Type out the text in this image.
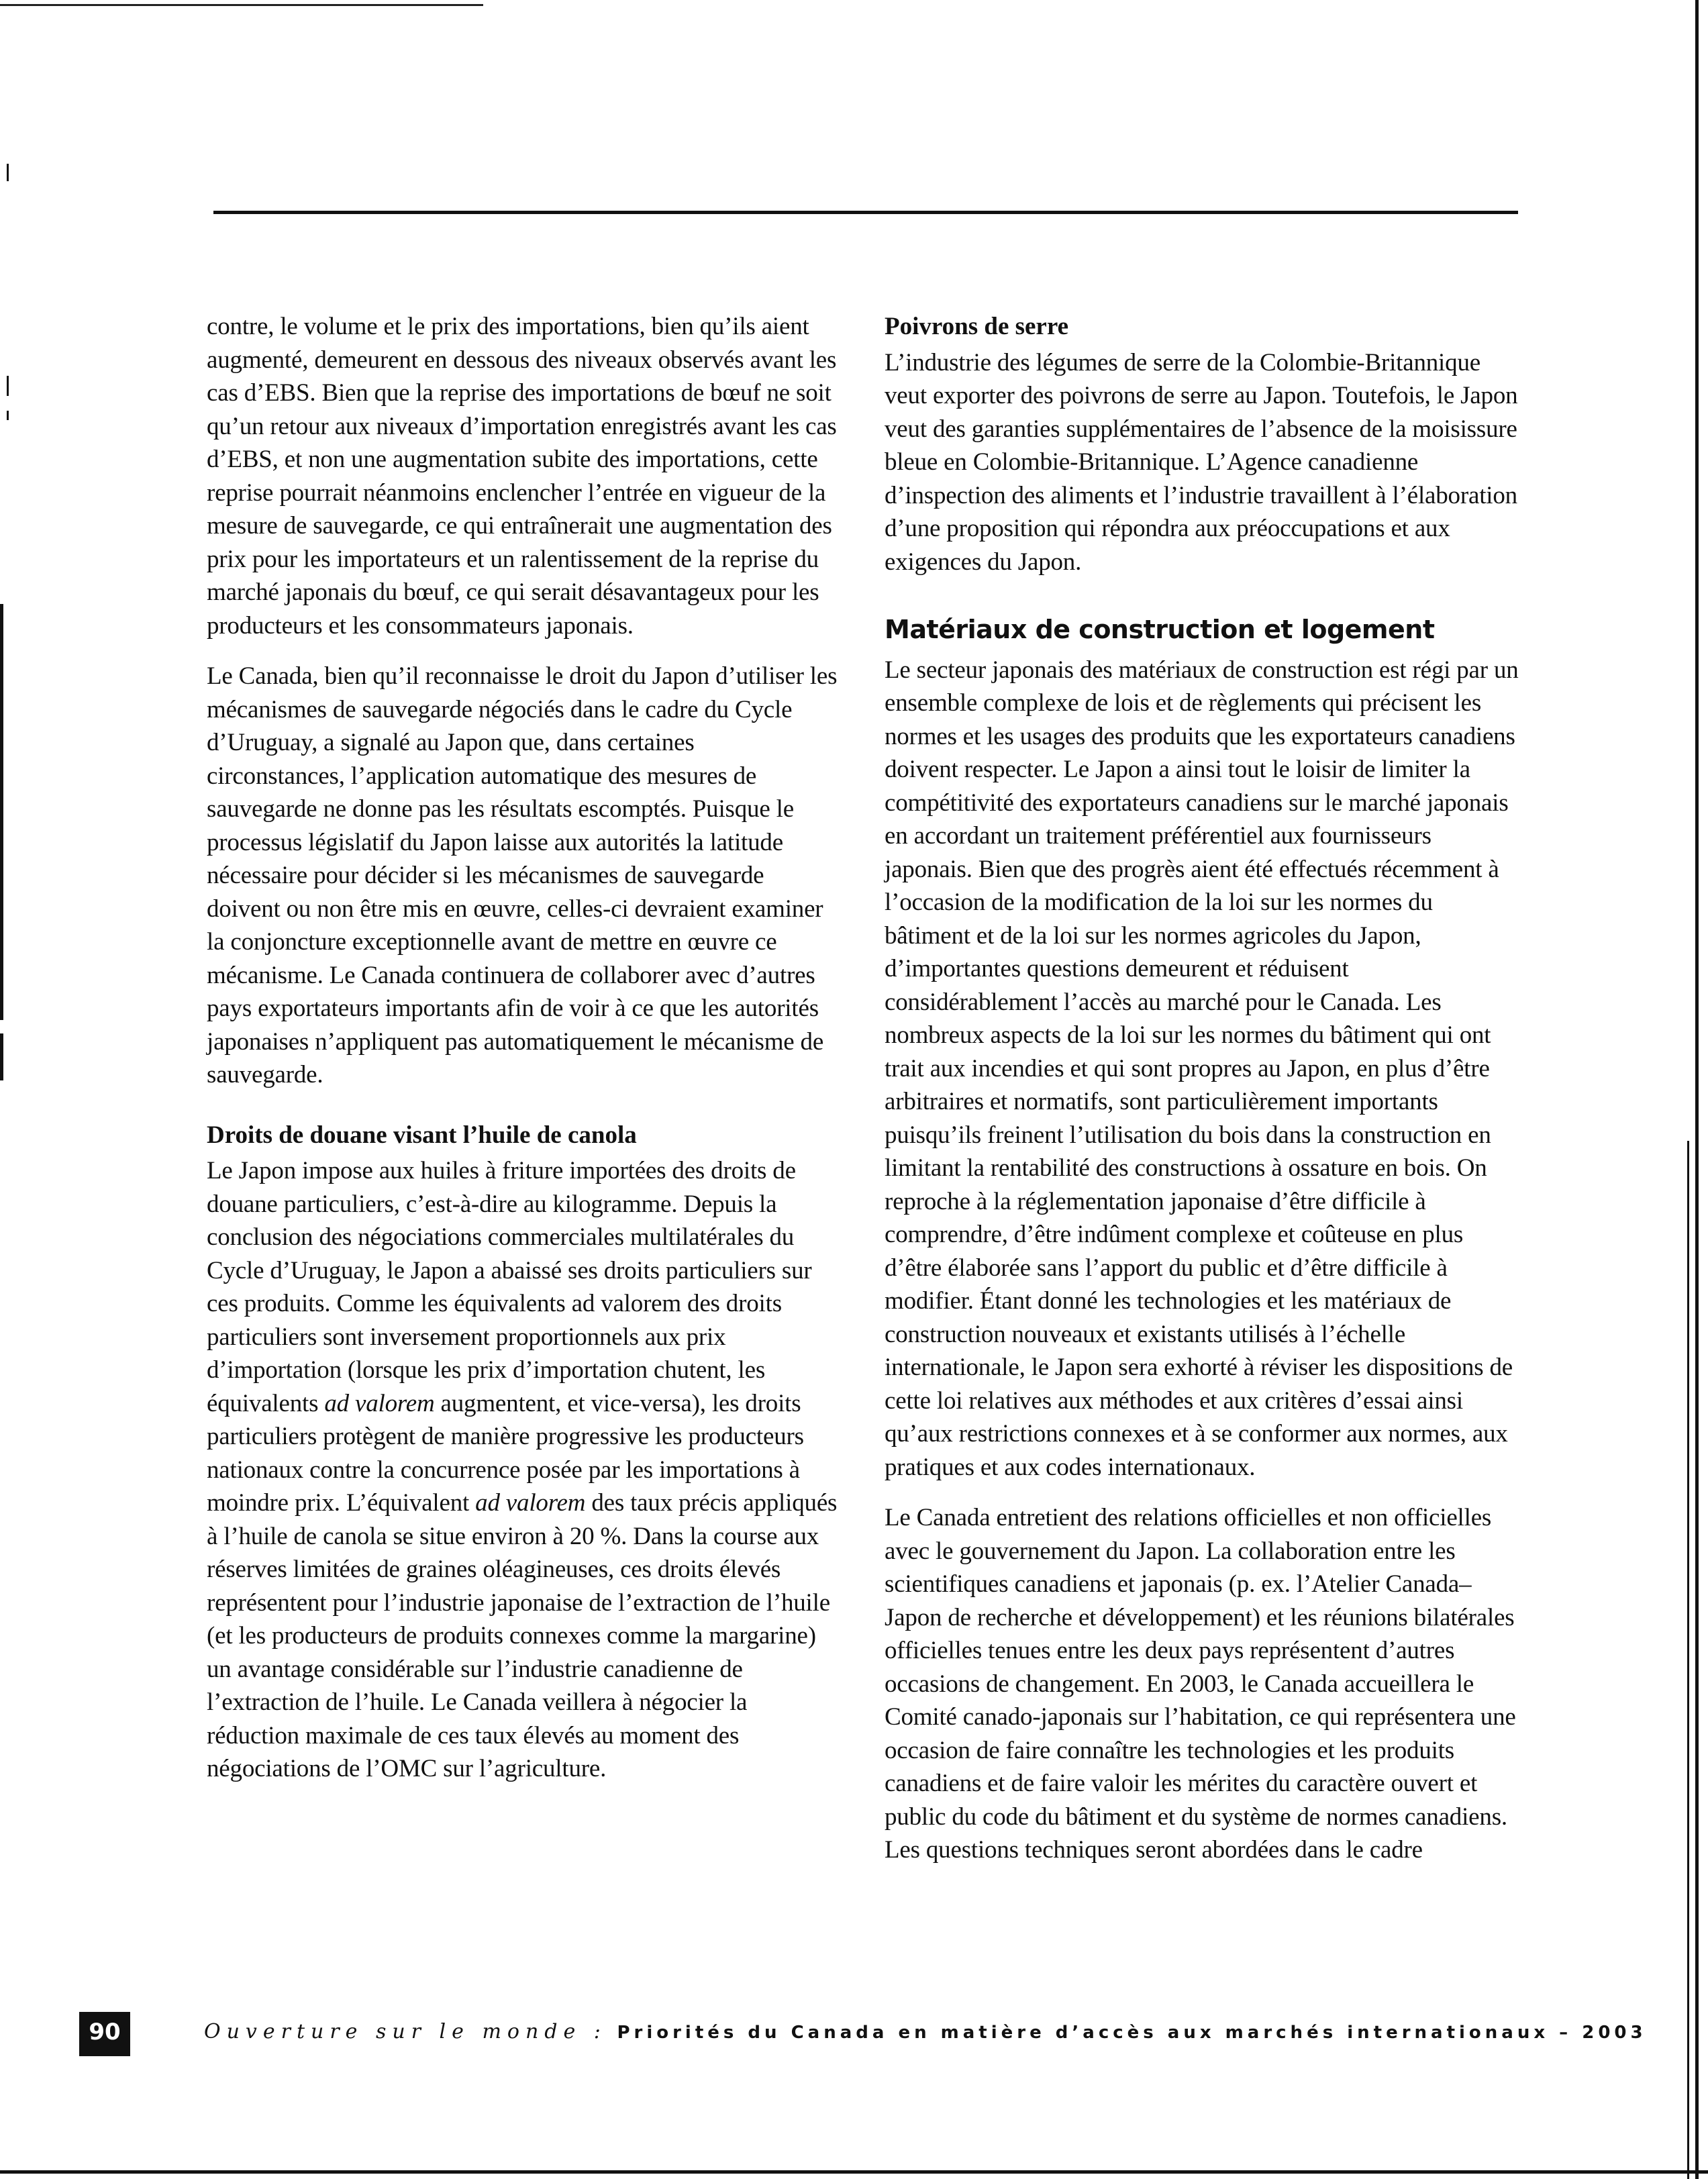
contre, le volume et le prix des importations, bien qu’ils aient augmenté, demeurent en dessous des niveaux observés avant les cas d’EBS. Bien que la reprise des importations de bœuf ne soit qu’un retour aux niveaux d’importation enregistrés avant les cas d’EBS, et non une augmentation subite des importations, cette reprise pourrait néanmoins enclencher l’entrée en vigueur de la mesure de sauvegarde, ce qui entraînerait une augmentation des prix pour les importateurs et un ralentissement de la reprise du marché japonais du bœuf, ce qui serait désavantageux pour les producteurs et les consommateurs japonais.

Le Canada, bien qu’il reconnaisse le droit du Japon d’utiliser les mécanismes de sauvegarde négociés dans le cadre du Cycle d’Uruguay, a signalé au Japon que, dans certaines circonstances, l’application automatique des mesures de sauvegarde ne donne pas les résultats escomptés. Puisque le processus législatif du Japon laisse aux autorités la latitude nécessaire pour décider si les mécanismes de sauvegarde doivent ou non être mis en œuvre, celles-ci devraient examiner la conjoncture exceptionnelle avant de mettre en œuvre ce mécanisme. Le Canada continuera de collaborer avec d’autres pays exportateurs importants afin de voir à ce que les autorités japonaises n’appliquent pas automatiquement le mécanisme de sauvegarde.

Droits de douane visant l’huile de canola

Le Japon impose aux huiles à friture importées des droits de douane particuliers, c’est-à-dire au kilogramme. Depuis la conclusion des négociations commerciales multilatérales du Cycle d’Uruguay, le Japon a abaissé ses droits particuliers sur ces produits. Comme les équivalents ad valorem des droits particuliers sont inversement proportionnels aux prix d’importation (lorsque les prix d’importation chutent, les équivalents ad valorem augmentent, et vice-versa), les droits particuliers protègent de manière progressive les producteurs nationaux contre la concurrence posée par les importations à moindre prix. L’équivalent ad valorem des taux précis appliqués à l’huile de canola se situe environ à 20 %. Dans la course aux réserves limitées de graines oléagineuses, ces droits élevés représentent pour l’industrie japonaise de l’extraction de l’huile (et les producteurs de produits connexes comme la margarine) un avantage considérable sur l’industrie canadienne de l’extraction de l’huile. Le Canada veillera à négocier la réduction maximale de ces taux élevés au moment des négociations de l’OMC sur l’agriculture.

Poivrons de serre

L’industrie des légumes de serre de la Colombie-Britannique veut exporter des poivrons de serre au Japon. Toutefois, le Japon veut des garanties supplémentaires de l’absence de la moisissure bleue en Colombie-Britannique. L’Agence canadienne d’inspection des aliments et l’industrie travaillent à l’élaboration d’une proposition qui répondra aux préoccupations et aux exigences du Japon.

Matériaux de construction et logement

Le secteur japonais des matériaux de construction est régi par un ensemble complexe de lois et de règlements qui précisent les normes et les usages des produits que les exportateurs canadiens doivent respecter. Le Japon a ainsi tout le loisir de limiter la compétitivité des exportateurs canadiens sur le marché japonais en accordant un traitement préférentiel aux fournisseurs japonais. Bien que des progrès aient été effectués récemment à l’occasion de la modification de la loi sur les normes du bâtiment et de la loi sur les normes agricoles du Japon, d’importantes questions demeurent et réduisent considérablement l’accès au marché pour le Canada. Les nombreux aspects de la loi sur les normes du bâtiment qui ont trait aux incendies et qui sont propres au Japon, en plus d’être arbitraires et normatifs, sont particulièrement importants puisqu’ils freinent l’utilisation du bois dans la construction en limitant la rentabilité des constructions à ossature en bois. On reproche à la réglementation japonaise d’être difficile à comprendre, d’être indûment complexe et coûteuse en plus d’être élaborée sans l’apport du public et d’être difficile à modifier. Étant donné les technologies et les matériaux de construction nouveaux et existants utilisés à l’échelle internationale, le Japon sera exhorté à réviser les dispositions de cette loi relatives aux méthodes et aux critères d’essai ainsi qu’aux restrictions connexes et à se conformer aux normes, aux pratiques et aux codes internationaux.

Le Canada entretient des relations officielles et non officielles avec le gouvernement du Japon. La collaboration entre les scientifiques canadiens et japonais (p. ex. l’Atelier Canada–Japon de recherche et développement) et les réunions bilatérales officielles tenues entre les deux pays représentent d’autres occasions de changement. En 2003, le Canada accueillera le Comité canado-japonais sur l’habitation, ce qui représentera une occasion de faire connaître les technologies et les produits canadiens et de faire valoir les mérites du caractère ouvert et public du code du bâtiment et du système de normes canadiens. Les questions techniques seront abordées dans le cadre

90	Ouverture sur le monde : Priorités du Canada en matière d’accès aux marchés internationaux – 2003
